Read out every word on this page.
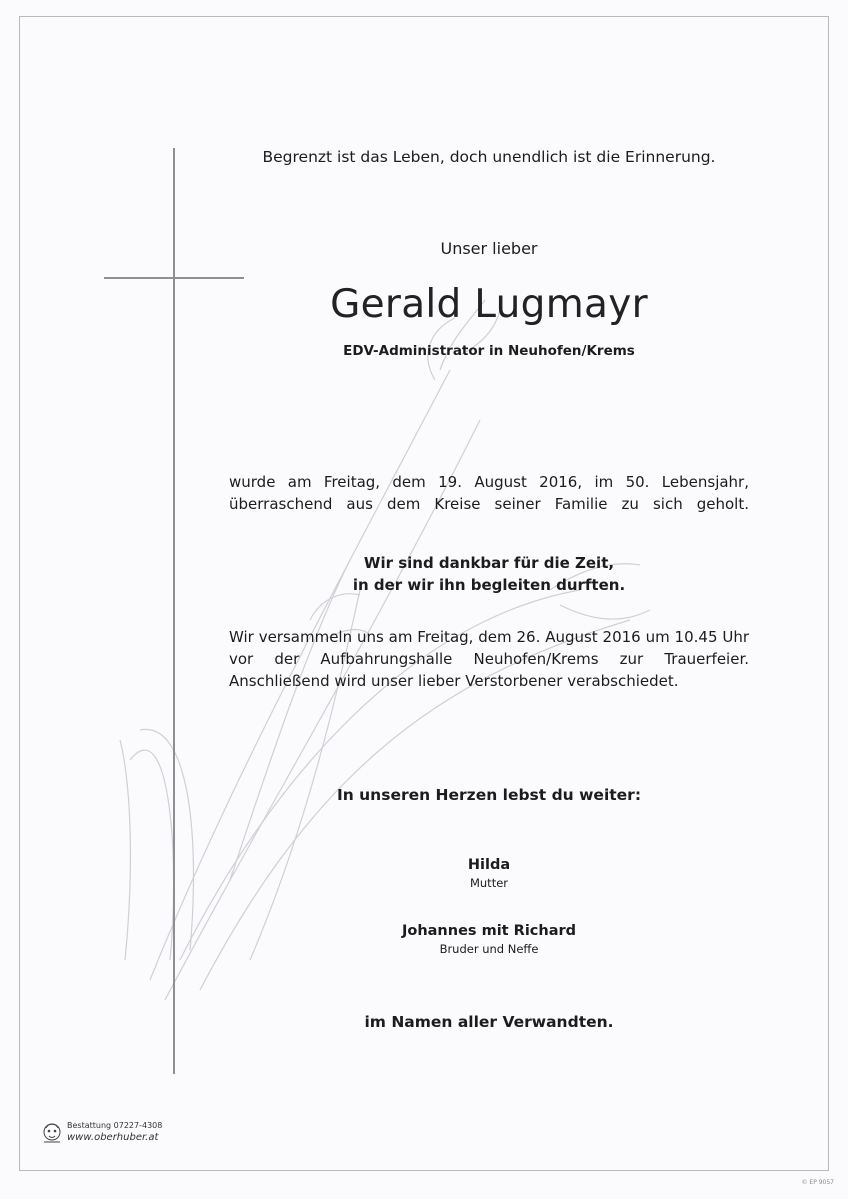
Begrenzt ist das Leben, doch unendlich ist die Erinnerung.
Unser lieber
Gerald Lugmayr
EDV-Administrator in Neuhofen/Krems
wurde am Freitag, dem 19. August 2016, im 50. Lebensjahr,
überraschend aus dem Kreise seiner Familie zu sich geholt.
Wir sind dankbar für die Zeit,
in der wir ihn begleiten durften.
Wir versammeln uns am Freitag, dem 26. August 2016 um 10.45 Uhr
vor der Aufbahrungshalle Neuhofen/Krems zur Trauerfeier.
Anschließend wird unser lieber Verstorbener verabschiedet.
In unseren Herzen lebst du weiter:
Hilda
Mutter
Johannes mit Richard
Bruder und Neffe
im Namen aller Verwandten.
Bestattung 07227-4308
www.oberhuber.at
© EP 9057
